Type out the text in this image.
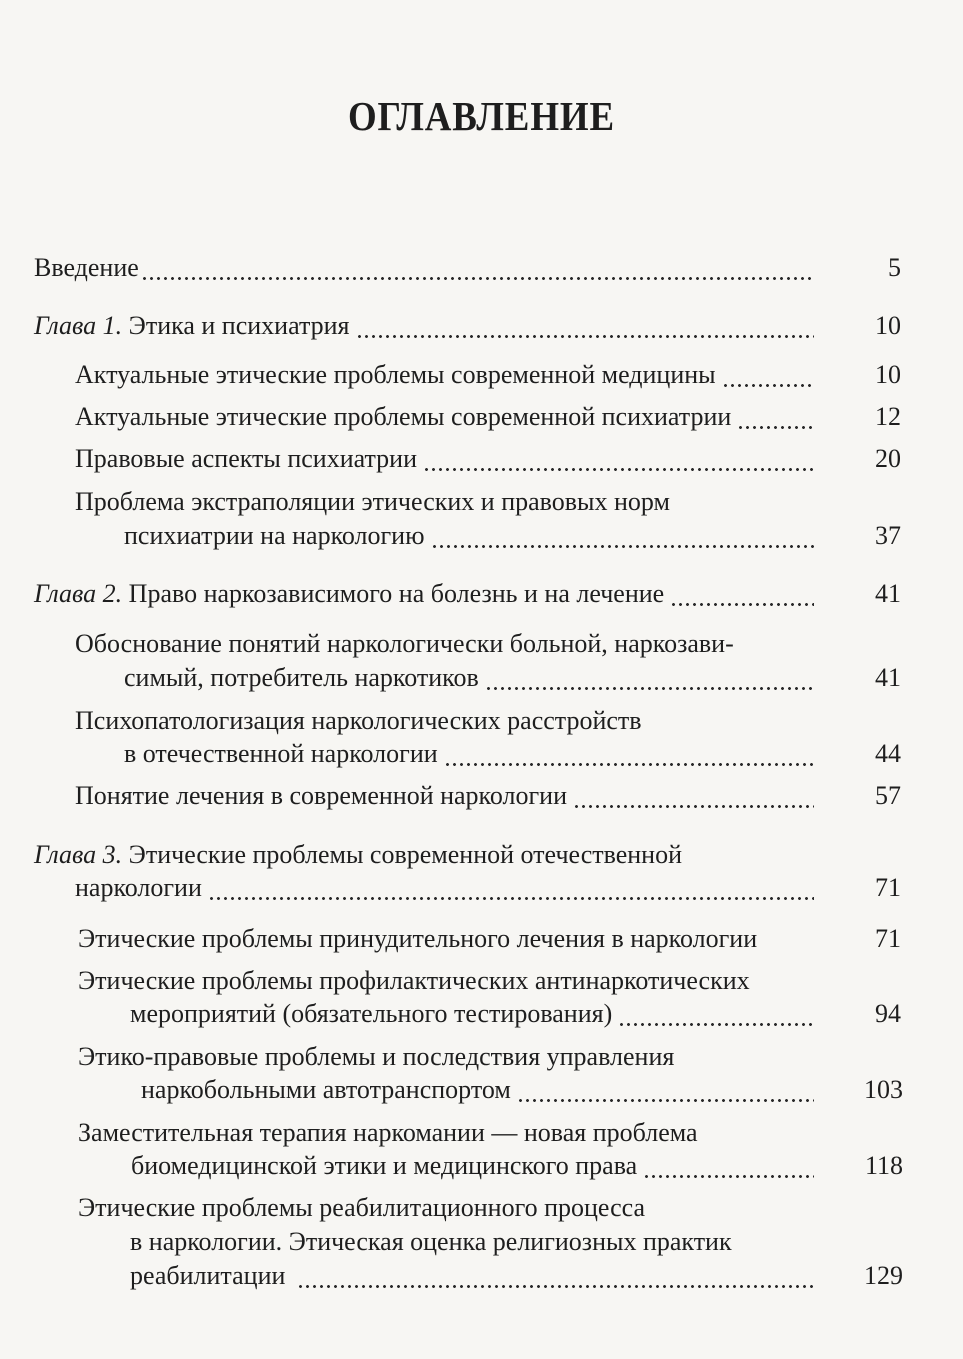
ОГЛАВЛЕНИЕ
Введение	5
Глава 1. Этика и психиатрия	10
Актуальные этические проблемы современной медицины	10
Актуальные этические проблемы современной психиатрии	12
Правовые аспекты психиатрии	20
Проблема экстраполяции этических и правовых норм
психиатрии на наркологию	37
Глава 2. Право наркозависимого на болезнь и на лечение	41
Обоснование понятий наркологически больной, наркозави-
симый, потребитель наркотиков	41
Психопатологизация наркологических расстройств
в отечественной наркологии	44
Понятие лечения в современной наркологии	57
Глава 3. Этические проблемы современной отечественной
наркологии	71
Этические проблемы принудительного лечения в наркологии	71
Этические проблемы профилактических антинаркотических
мероприятий (обязательного тестирования)	94
Этико-правовые проблемы и последствия управления
наркобольными автотранспортом	103
Заместительная терапия наркомании — новая проблема
биомедицинской этики и медицинского права	118
Этические проблемы реабилитационного процесса
в наркологии. Этическая оценка религиозных практик
реабилитации	129
